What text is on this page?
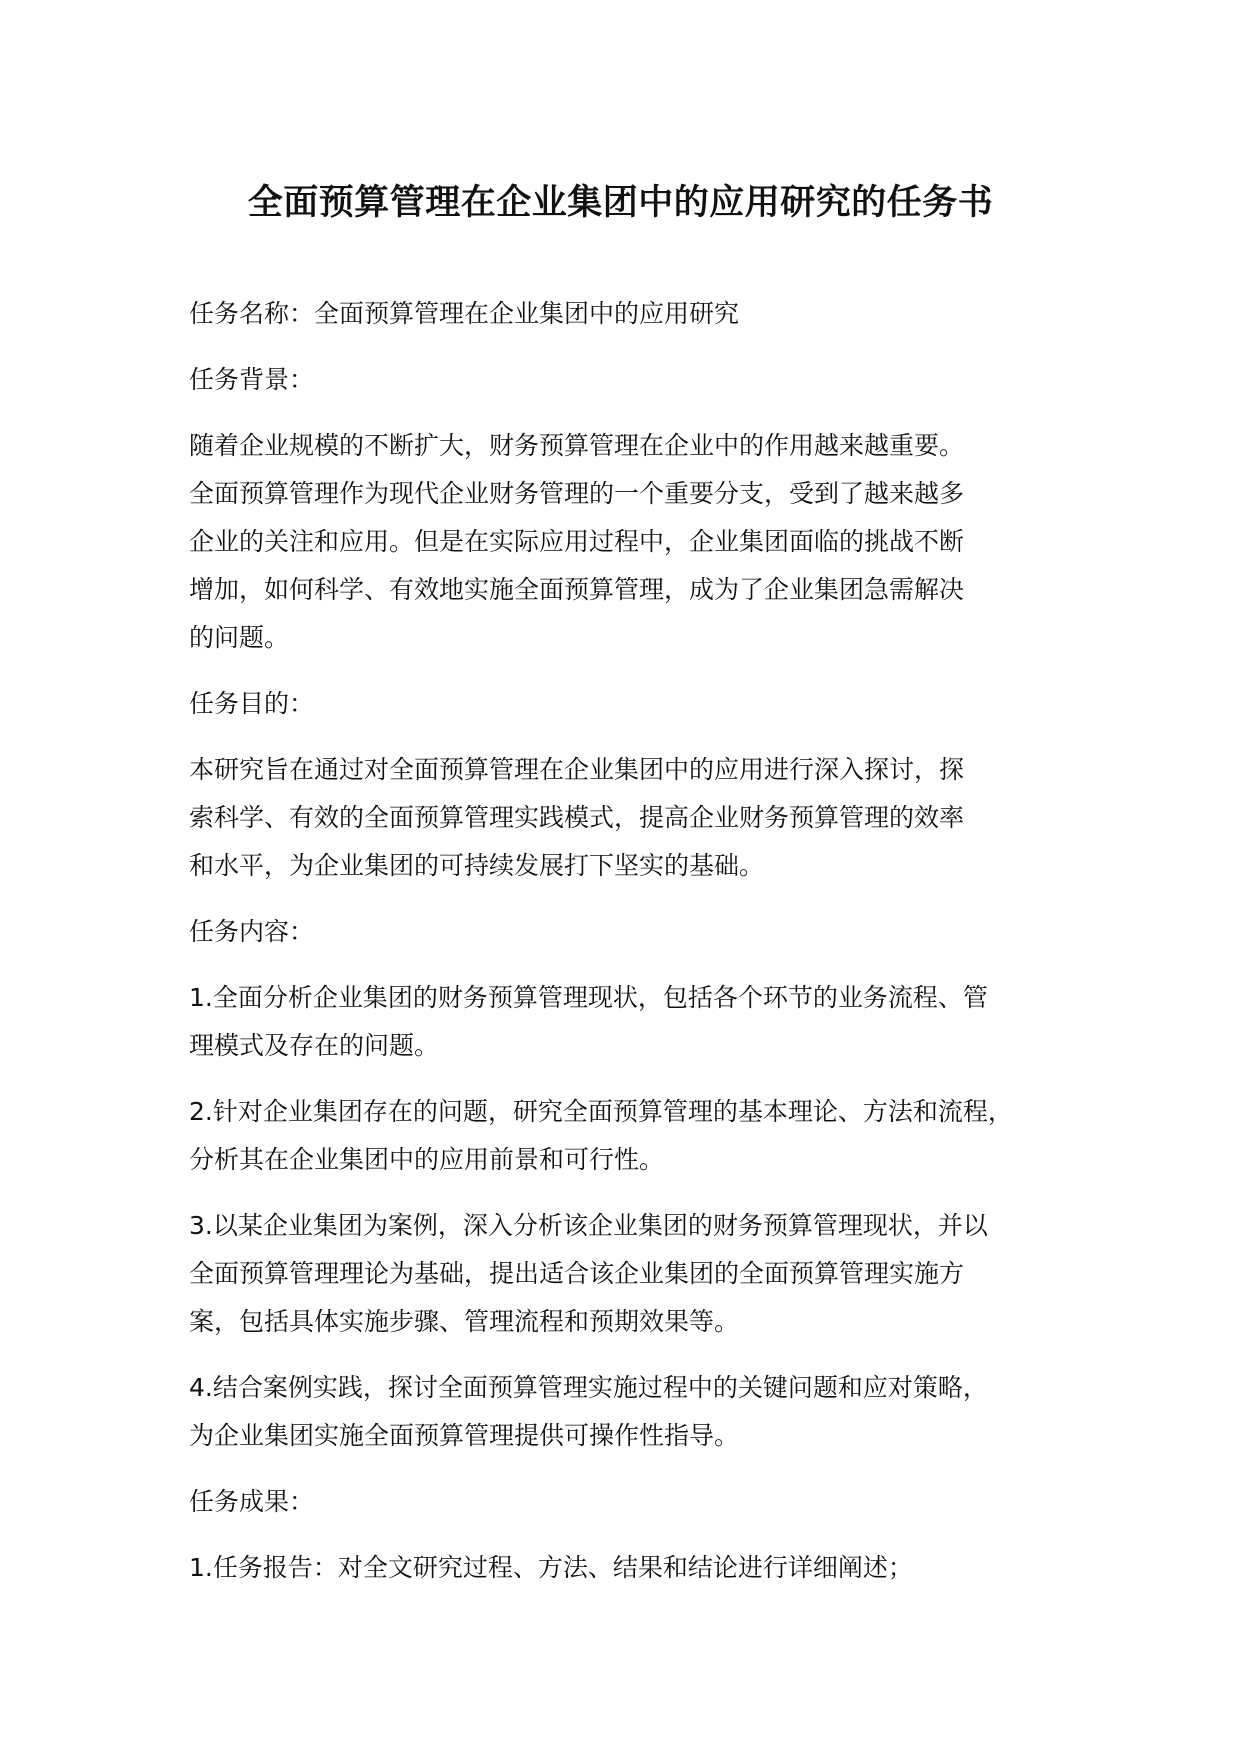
全面预算管理在企业集团中的应用研究的任务书

任务名称：全面预算管理在企业集团中的应用研究

任务背景：

随着企业规模的不断扩大，财务预算管理在企业中的作用越来越重要。
全面预算管理作为现代企业财务管理的一个重要分支，受到了越来越多
企业的关注和应用。但是在实际应用过程中，企业集团面临的挑战不断
增加，如何科学、有效地实施全面预算管理，成为了企业集团急需解决
的问题。

任务目的：

本研究旨在通过对全面预算管理在企业集团中的应用进行深入探讨，探
索科学、有效的全面预算管理实践模式，提高企业财务预算管理的效率
和水平，为企业集团的可持续发展打下坚实的基础。

任务内容：

1.全面分析企业集团的财务预算管理现状，包括各个环节的业务流程、管
理模式及存在的问题。

2.针对企业集团存在的问题，研究全面预算管理的基本理论、方法和流程，
分析其在企业集团中的应用前景和可行性。

3.以某企业集团为案例，深入分析该企业集团的财务预算管理现状，并以
全面预算管理理论为基础，提出适合该企业集团的全面预算管理实施方
案，包括具体实施步骤、管理流程和预期效果等。

4.结合案例实践，探讨全面预算管理实施过程中的关键问题和应对策略，
为企业集团实施全面预算管理提供可操作性指导。

任务成果：

1.任务报告：对全文研究过程、方法、结果和结论进行详细阐述；
